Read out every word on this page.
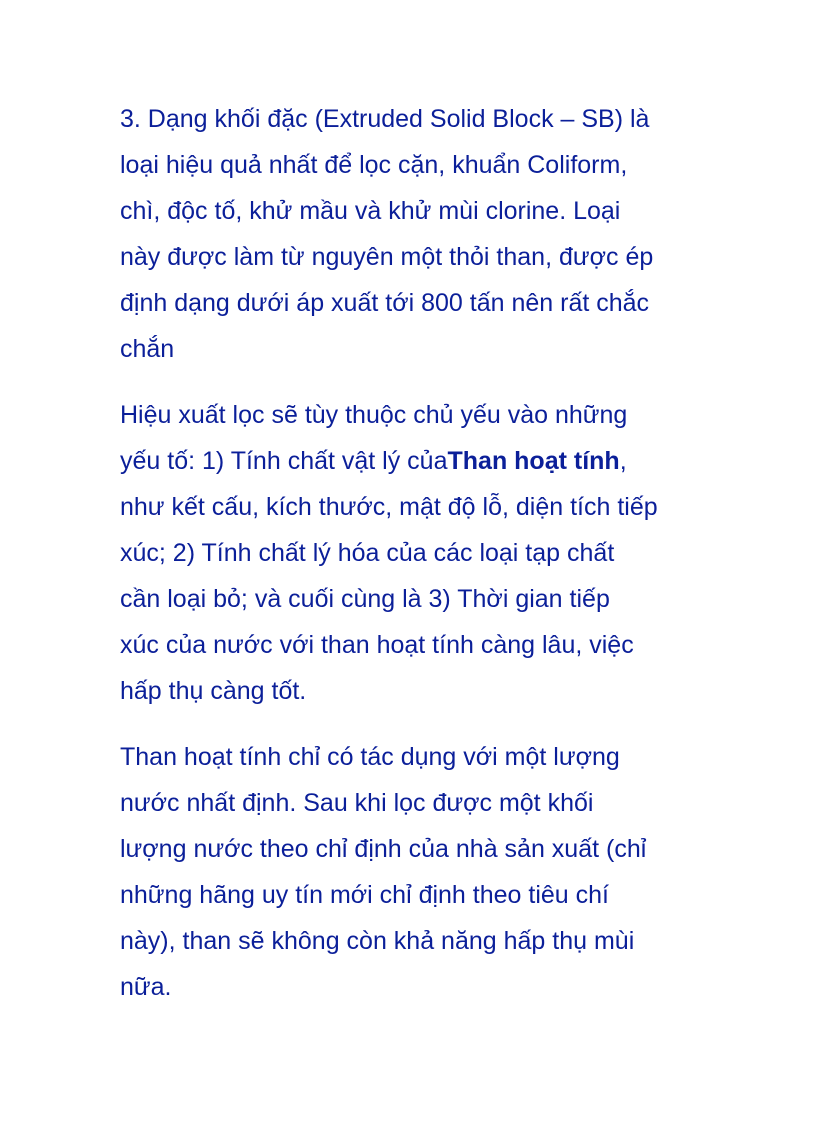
3. Dạng khối đặc (Extruded Solid Block – SB) là
loại hiệu quả nhất để lọc cặn, khuẩn Coliform,
chì, độc tố, khử mầu và khử mùi clorine. Loại
này được làm từ nguyên một thỏi than, được ép
định dạng dưới áp xuất tới 800 tấn nên rất chắc
chắn

Hiệu xuất lọc sẽ tùy thuộc chủ yếu vào những
yếu tố: 1) Tính chất vật lý củaThan hoạt tính,
như kết cấu, kích thước, mật độ lỗ, diện tích tiếp
xúc; 2) Tính chất lý hóa của các loại tạp chất
cần loại bỏ; và cuối cùng là 3) Thời gian tiếp
xúc của nước với than hoạt tính càng lâu, việc
hấp thụ càng tốt.

Than hoạt tính chỉ có tác dụng với một lượng
nước nhất định. Sau khi lọc được một khối
lượng nước theo chỉ định của nhà sản xuất (chỉ
những hãng uy tín mới chỉ định theo tiêu chí
này), than sẽ không còn khả năng hấp thụ mùi
nữa.
